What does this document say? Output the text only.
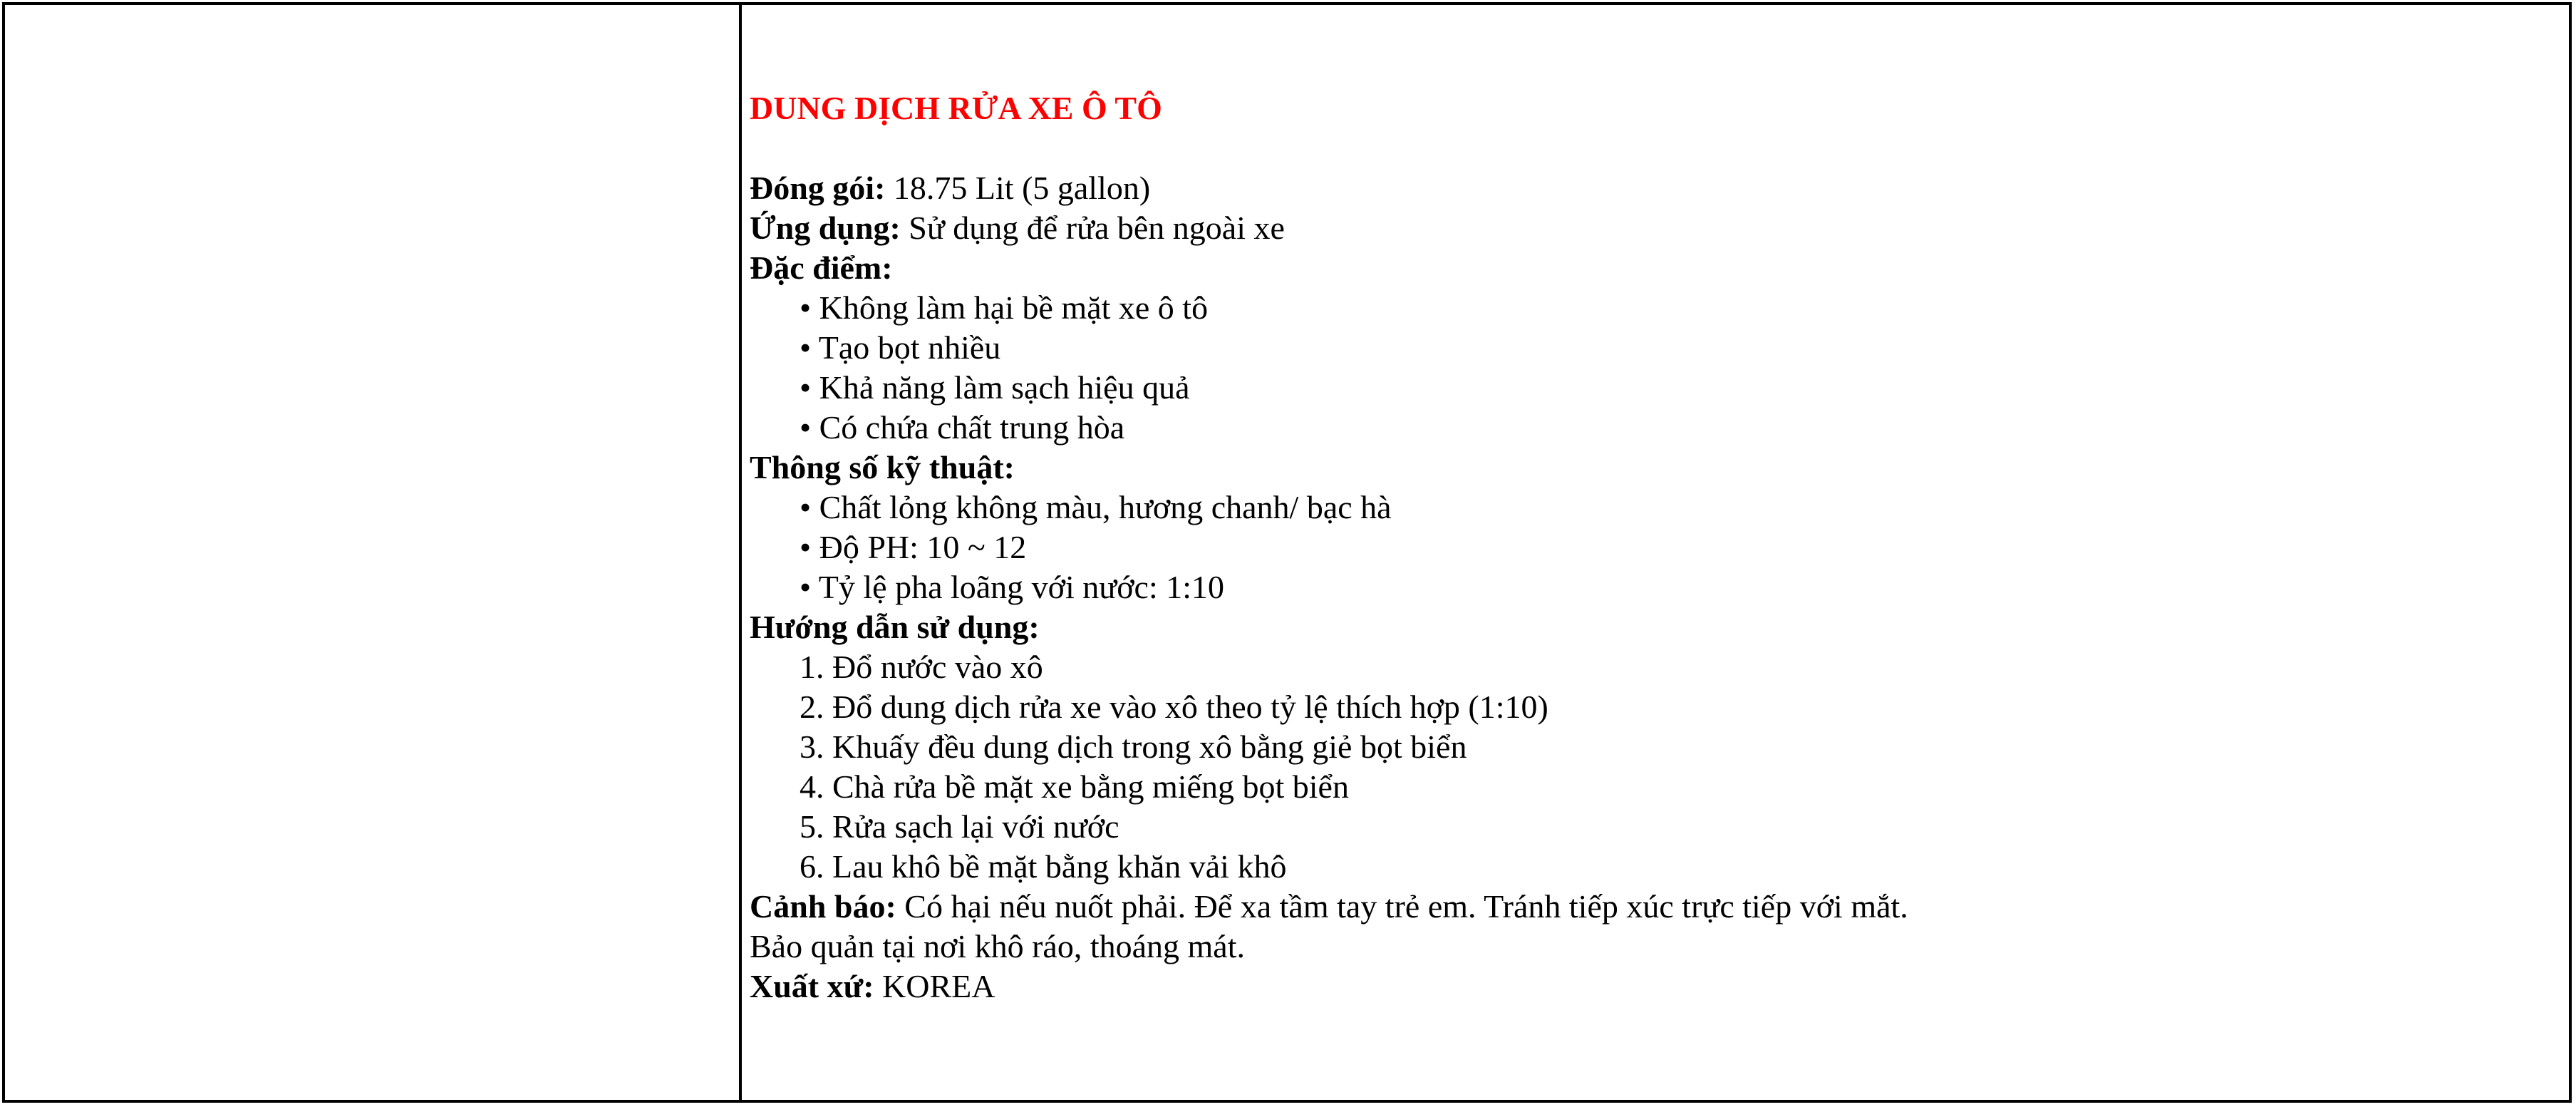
DUNG DỊCH RỬA XE Ô TÔ
Đóng gói: 18.75 Lit (5 gallon)
Ứng dụng: Sử dụng để rửa bên ngoài xe
Đặc điểm:
• Không làm hại bề mặt xe ô tô
• Tạo bọt nhiều
• Khả năng làm sạch hiệu quả
• Có chứa chất trung hòa
Thông số kỹ thuật:
• Chất lỏng không màu, hương chanh/ bạc hà
• Độ PH: 10 ~ 12
• Tỷ lệ pha loãng với nước: 1:10
Hướng dẫn sử dụng:
1. Đổ nước vào xô
2. Đổ dung dịch rửa xe vào xô theo tỷ lệ thích hợp (1:10)
3. Khuấy đều dung dịch trong xô bằng giẻ bọt biển
4. Chà rửa bề mặt xe bằng miếng bọt biển
5. Rửa sạch lại với nước
6. Lau khô bề mặt bằng khăn vải khô
Cảnh báo: Có hại nếu nuốt phải. Để xa tầm tay trẻ em. Tránh tiếp xúc trực tiếp với mắt.
Bảo quản tại nơi khô ráo, thoáng mát.
Xuất xứ: KOREA
